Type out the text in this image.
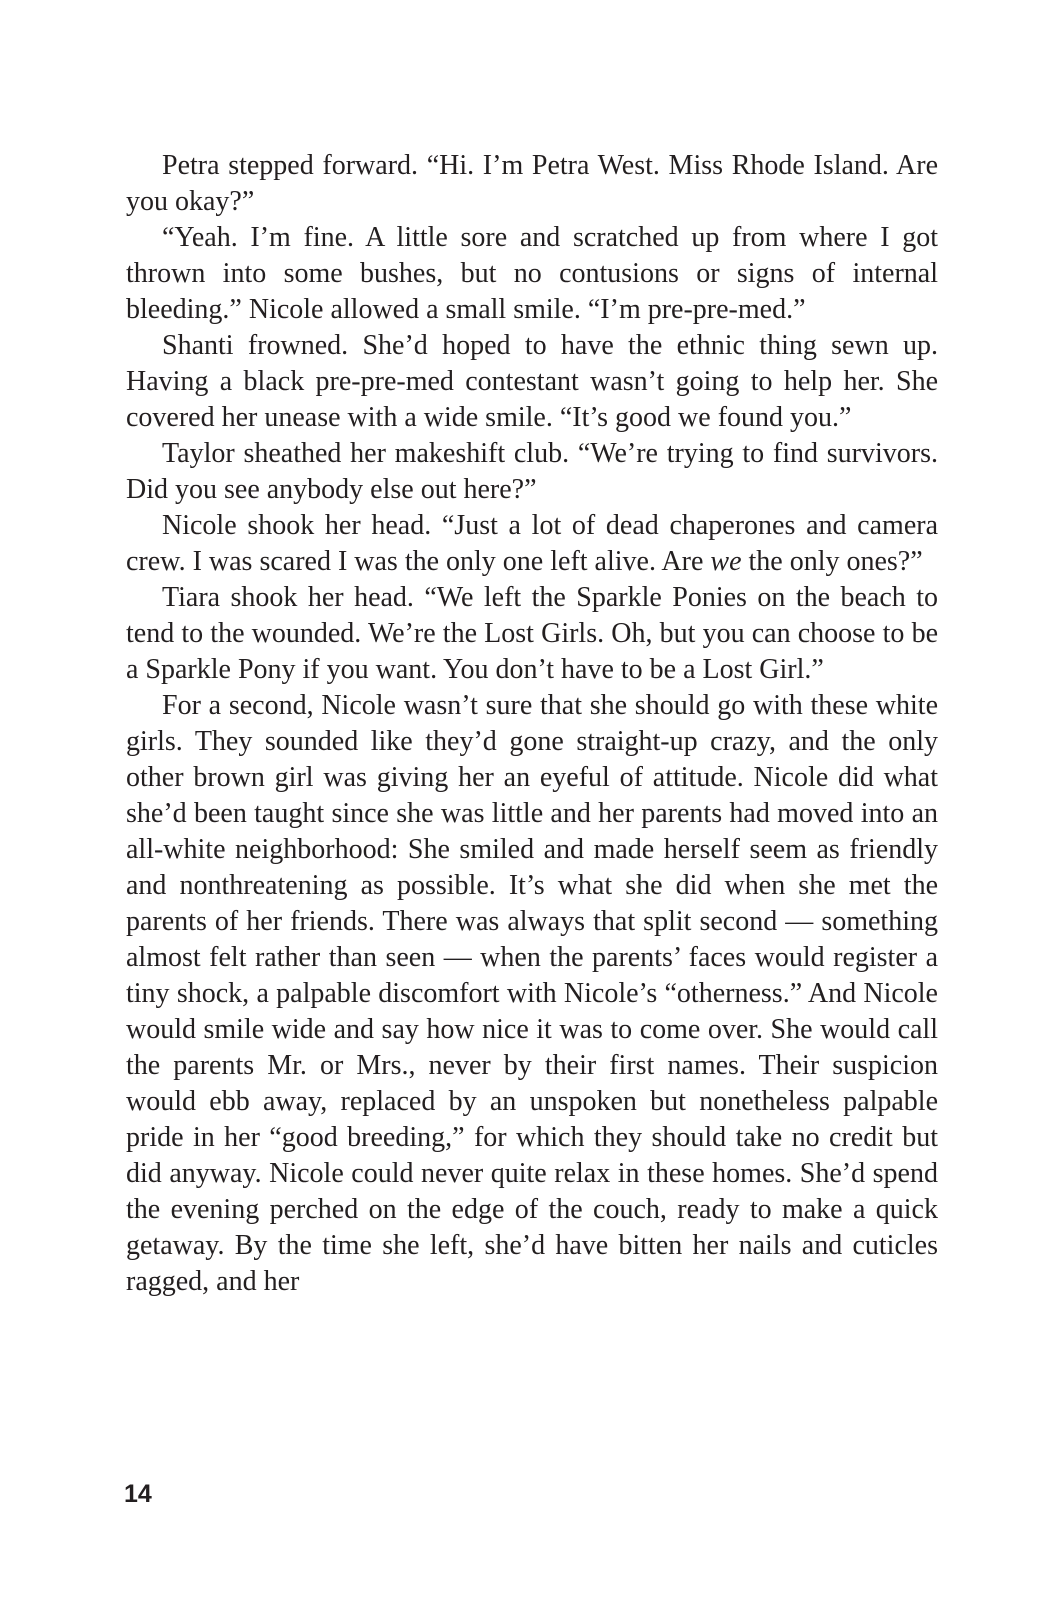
Petra stepped forward. “Hi. I’m Petra West. Miss Rhode Island. Are you okay?”

“Yeah. I’m fine. A little sore and scratched up from where I got thrown into some bushes, but no contusions or signs of internal bleeding.” Nicole allowed a small smile. “I’m pre-pre-med.”

Shanti frowned. She’d hoped to have the ethnic thing sewn up. Having a black pre-pre-med contestant wasn’t going to help her. She covered her unease with a wide smile. “It’s good we found you.”

Taylor sheathed her makeshift club. “We’re trying to find survivors. Did you see anybody else out here?”

Nicole shook her head. “Just a lot of dead chaperones and camera crew. I was scared I was the only one left alive. Are we the only ones?”

Tiara shook her head. “We left the Sparkle Ponies on the beach to tend to the wounded. We’re the Lost Girls. Oh, but you can choose to be a Sparkle Pony if you want. You don’t have to be a Lost Girl.”

For a second, Nicole wasn’t sure that she should go with these white girls. They sounded like they’d gone straight-up crazy, and the only other brown girl was giving her an eyeful of attitude. Nicole did what she’d been taught since she was little and her parents had moved into an all-white neighborhood: She smiled and made herself seem as friendly and nonthreatening as possible. It’s what she did when she met the parents of her friends. There was always that split second — something almost felt rather than seen — when the parents’ faces would register a tiny shock, a palpable discomfort with Nicole’s “otherness.” And Nicole would smile wide and say how nice it was to come over. She would call the parents Mr. or Mrs., never by their first names. Their suspicion would ebb away, replaced by an unspoken but nonetheless palpable pride in her “good breeding,” for which they should take no credit but did anyway. Nicole could never quite relax in these homes. She’d spend the evening perched on the edge of the couch, ready to make a quick getaway. By the time she left, she’d have bitten her nails and cuticles ragged, and her

14
